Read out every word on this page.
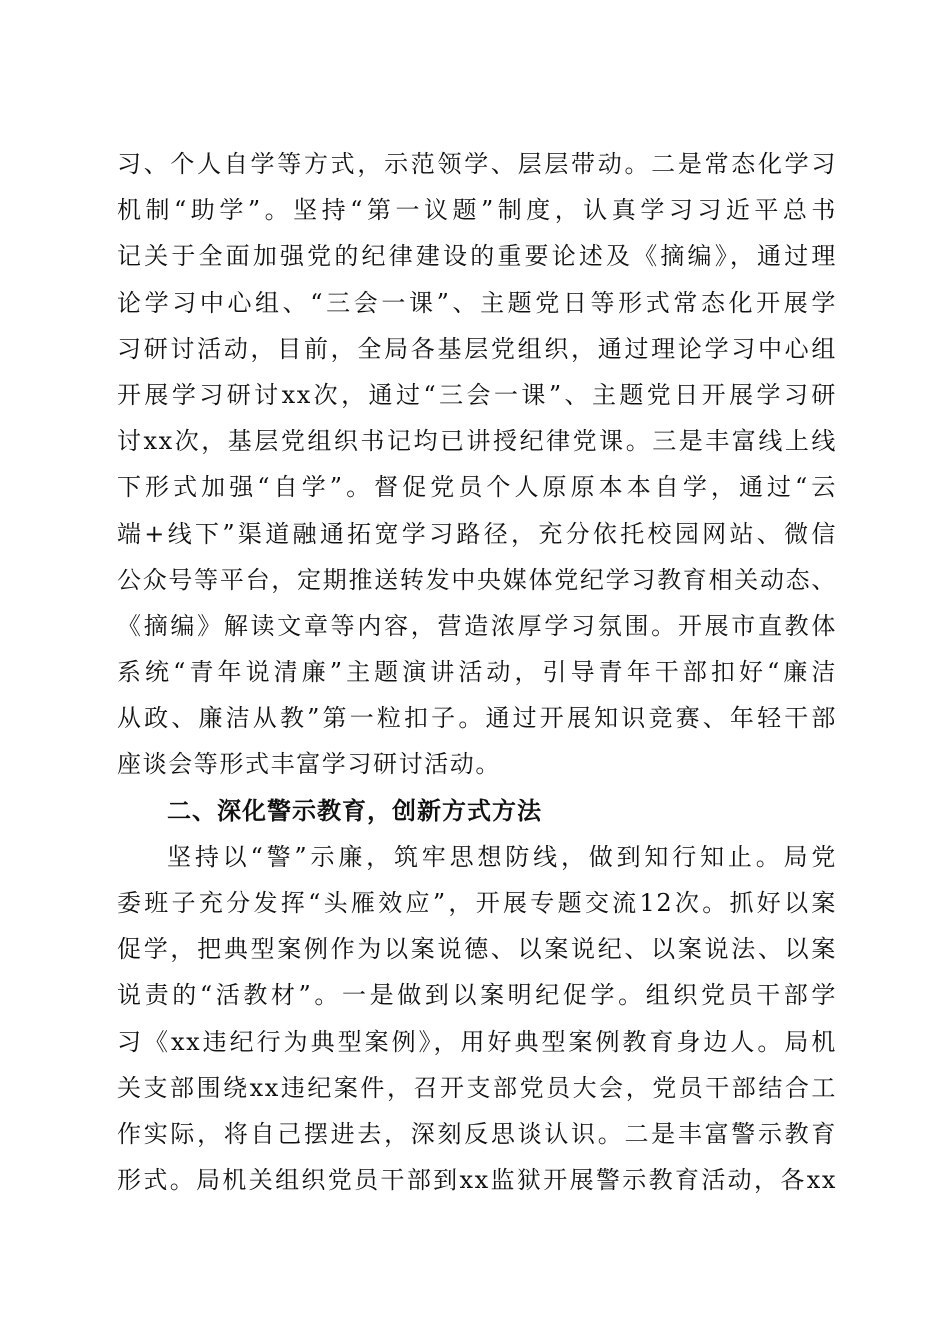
习、个人自学等方式，示范领学、层层带动。二是常态化学习
机制“助学”。坚持“第一议题”制度，认真学习习近平总书
记关于全面加强党的纪律建设的重要论述及《摘编》，通过理
论学习中心组、“三会一课”、主题党日等形式常态化开展学
习研讨活动，目前，全局各基层党组织，通过理论学习中心组
开展学习研讨xx次，通过“三会一课”、主题党日开展学习研
讨xx次，基层党组织书记均已讲授纪律党课。三是丰富线上线
下形式加强“自学”。督促党员个人原原本本自学，通过“云
端+线下”渠道融通拓宽学习路径，充分依托校园网站、微信
公众号等平台，定期推送转发中央媒体党纪学习教育相关动态、
《摘编》解读文章等内容，营造浓厚学习氛围。开展市直教体
系统“青年说清廉”主题演讲活动，引导青年干部扣好“廉洁
从政、廉洁从教”第一粒扣子。通过开展知识竞赛、年轻干部
座谈会等形式丰富学习研讨活动。
二、深化警示教育，创新方式方法
坚持以“警”示廉，筑牢思想防线，做到知行知止。局党
委班子充分发挥“头雁效应”，开展专题交流12次。抓好以案
促学，把典型案例作为以案说德、以案说纪、以案说法、以案
说责的“活教材”。一是做到以案明纪促学。组织党员干部学
习《xx违纪行为典型案例》，用好典型案例教育身边人。局机
关支部围绕xx违纪案件，召开支部党员大会，党员干部结合工
作实际，将自己摆进去，深刻反思谈认识。二是丰富警示教育
形式。局机关组织党员干部到xx监狱开展警示教育活动，各xx
